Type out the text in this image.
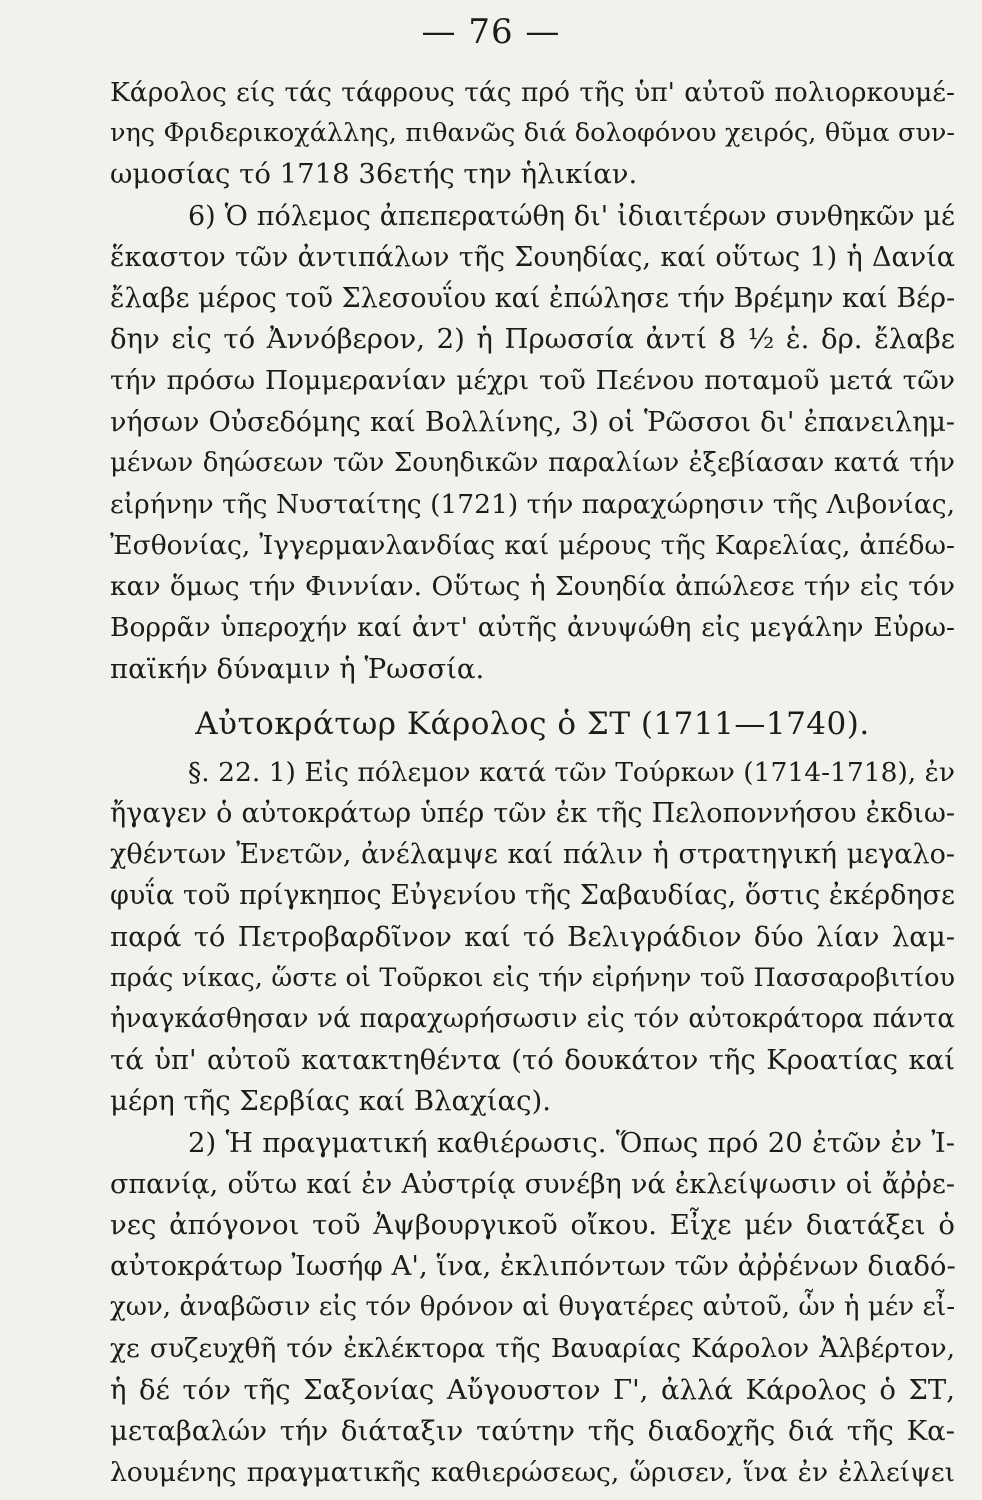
— 76 —
Κάρολος είς τάς τάφρους τάς πρό τῆς ὑπ' αὐτοῦ πολιορκουμέ-
νης Φριδερικοχάλλης, πιθανῶς διά δολοφόνου χειρός, θῦμα συν-
ωμοσίας τό 1718 36ετής την ἡλικίαν.
6) Ὁ πόλεμος ἀπεπερατώθη δι' ἰδιαιτέρων συνθηκῶν μέ
ἕκαστον τῶν ἀντιπάλων τῆς Σουηδίας, καί οὕτως 1) ἡ Δανία
ἔλαβε μέρος τοῦ Σλεσουΐου καί ἐπώλησε τήν Βρέμην καί Βέρ-
δην εἰς τό Ἀννόβερον, 2) ἡ Πρωσσία ἀντί 8 ½ ἑ. δρ. ἔλαβε
τήν πρόσω Πομμερανίαν μέχρι τοῦ Πεένου ποταμοῦ μετά τῶν
νήσων Οὐσεδόμης καί Βολλίνης, 3) οἱ Ῥῶσσοι δι' ἐπανειλημ-
μένων δηώσεων τῶν Σουηδικῶν παραλίων ἐξεβίασαν κατά τήν
εἰρήνην τῆς Νυσταίτης (1721) τήν παραχώρησιν τῆς Λιβονίας,
Ἐσθονίας, Ἰγγερμανλανδίας καί μέρους τῆς Καρελίας, ἀπέδω-
καν ὅμως τήν Φιννίαν. Οὕτως ἡ Σουηδία ἀπώλεσε τήν εἰς τόν
Βορρᾶν ὑπεροχήν καί ἀντ' αὐτῆς ἀνυψώθη εἰς μεγάλην Εὐρω-
παϊκήν δύναμιν ἡ Ῥωσσία.
Αὐτοκράτωρ Κάρολος ὁ ΣΤ (1711—1740).
§. 22. 1) Εἰς πόλεμον κατά τῶν Τούρκων (1714-1718), ἐν
ἤγαγεν ὁ αὐτοκράτωρ ὑπέρ τῶν ἐκ τῆς Πελοποννήσου ἐκδιω-
χθέντων Ἐνετῶν, ἀνέλαμψε καί πάλιν ἡ στρατηγική μεγαλο-
φυΐα τοῦ πρίγκηπος Εὐγενίου τῆς Σαβαυδίας, ὅστις ἐκέρδησε
παρά τό Πετροβαρδῖνον καί τό Βελιγράδιον δύο λίαν λαμ-
πράς νίκας, ὥστε οἱ Τοῦρκοι εἰς τήν εἰρήνην τοῦ Πασσαροβιτίου
ἠναγκάσθησαν νά παραχωρήσωσιν εἰς τόν αὐτοκράτορα πάντα
τά ὑπ' αὐτοῦ κατακτηθέντα (τό δουκάτον τῆς Κροατίας καί
μέρη τῆς Σερβίας καί Βλαχίας).
2) Ἡ πραγματική καθιέρωσις. Ὅπως πρό 20 ἐτῶν ἐν Ἰ-
σπανίᾳ, οὕτω καί ἐν Αὐστρίᾳ συνέβη νά ἐκλείψωσιν οἱ ἄῤῥε-
νες ἀπόγονοι τοῦ Ἀψβουργικοῦ οἴκου. Εἶχε μέν διατάξει ὁ
αὐτοκράτωρ Ἰωσήφ Α', ἵνα, ἐκλιπόντων τῶν ἀῤῥένων διαδό-
χων, ἀναβῶσιν εἰς τόν θρόνον αἱ θυγατέρες αὐτοῦ, ὧν ἡ μέν εἶ-
χε συζευχθῆ τόν ἐκλέκτορα τῆς Βαυαρίας Κάρολον Ἀλβέρτον,
ἡ δέ τόν τῆς Σαξονίας Αὔγουστον Γ', ἀλλά Κάρολος ὁ ΣΤ,
μεταβαλών τήν διάταξιν ταύτην τῆς διαδοχῆς διά τῆς Κα-
λουμένης πραγματικῆς καθιερώσεως, ὥρισεν, ἵνα ἐν ἐλλείψει
